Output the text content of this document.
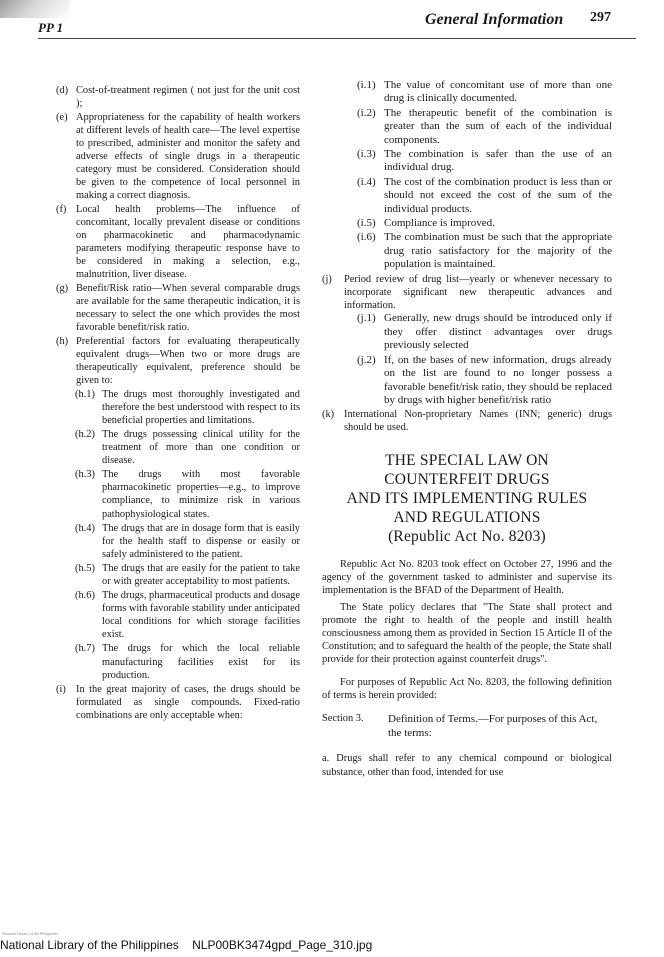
PP 1	General Information 297
(d) Cost-of-treatment regimen ( not just for the unit cost );
(e) Appropriateness for the capability of health workers at different levels of health care—The level expertise to prescribed, administer and monitor the safety and adverse effects of single drugs in a therapeutic category must be considered. Consideration should be given to the competence of local personnel in making a correct diagnosis.
(f) Local health problems—The influence of concomitant, locally prevalent disease or conditions on pharmacokinetic and pharmacodynamic parameters modifying therapeutic response have to be considered in making a selection, e.g., malnutrition, liver disease.
(g) Benefit/Risk ratio—When several comparable drugs are available for the same therapeutic indication, it is necessary to select the one which provides the most favorable benefit/risk ratio.
(h) Preferential factors for evaluating therapeutically equivalent drugs—When two or more drugs are therapeutically equivalent, preference should be given to:
(h.1) The drugs most thoroughly investigated and therefore the best understood with respect to its beneficial properties and limitations.
(h.2) The drugs possessing clinical utility for the treatment of more than one condition or disease.
(h.3) The drugs with most favorable pharmacokinetic properties—e.g., to improve compliance, to minimize risk in various pathophysiological states.
(h.4) The drugs that are in dosage form that is easily for the health staff to dispense or easily or safely administered to the patient.
(h.5) The drugs that are easily for the patient to take or with greater acceptability to most patients.
(h.6) The drugs, pharmaceutical products and dosage forms with favorable stability under anticipated local conditions for which storage facilities exist.
(h.7) The drugs for which the local reliable manufacturing facilities exist for its production.
(i) In the great majority of cases, the drugs should be formulated as single compounds. Fixed-ratio combinations are only acceptable when:
(i.1) The value of concomitant use of more than one drug is clinically documented.
(i.2) The therapeutic benefit of the combination is greater than the sum of each of the individual components.
(i.3) The combination is safer than the use of an individual drug.
(i.4) The cost of the combination product is less than or should not exceed the cost of the sum of the individual products.
(i.5) Compliance is improved.
(i.6) The combination must be such that the appropriate drug ratio satisfactory for the majority of the population is maintained.
(j) Period review of drug list—yearly or whenever necessary to incorporate significant new therapeutic advances and information.
(j.1) Generally, new drugs should be introduced only if they offer distinct advantages over drugs previously selected
(j.2) If, on the bases of new information, drugs already on the list are found to no longer possess a favorable benefit/risk ratio, they should be replaced by drugs with higher benefit/risk ratio
(k) International Non-proprietary Names (INN; generic) drugs should be used.
THE SPECIAL LAW ON
COUNTERFEIT DRUGS
AND ITS IMPLEMENTING RULES
AND REGULATIONS
(Republic Act No. 8203)
Republic Act No. 8203 took effect on October 27, 1996 and the agency of the government tasked to administer and supervise its implementation is the BFAD of the Department of Health.
The State policy declares that "The State shall protect and promote the right to health of the people and instill health consciousness among them as provided in Section 15 Article II of the Constitution; and to safeguard the health of the people, the State shall provide for their protection against counterfeit drugs".
For purposes of Republic Act No. 8203, the following definition of terms is herein provided:
Section 3. Definition of Terms.—For purposes of this Act, the terms:
a. Drugs shall refer to any chemical compound or biological substance, other than food, intended for use
National Library of the Philippines
National Library of the Philippines NLP00BK3474gpd_Page_310.jpg
